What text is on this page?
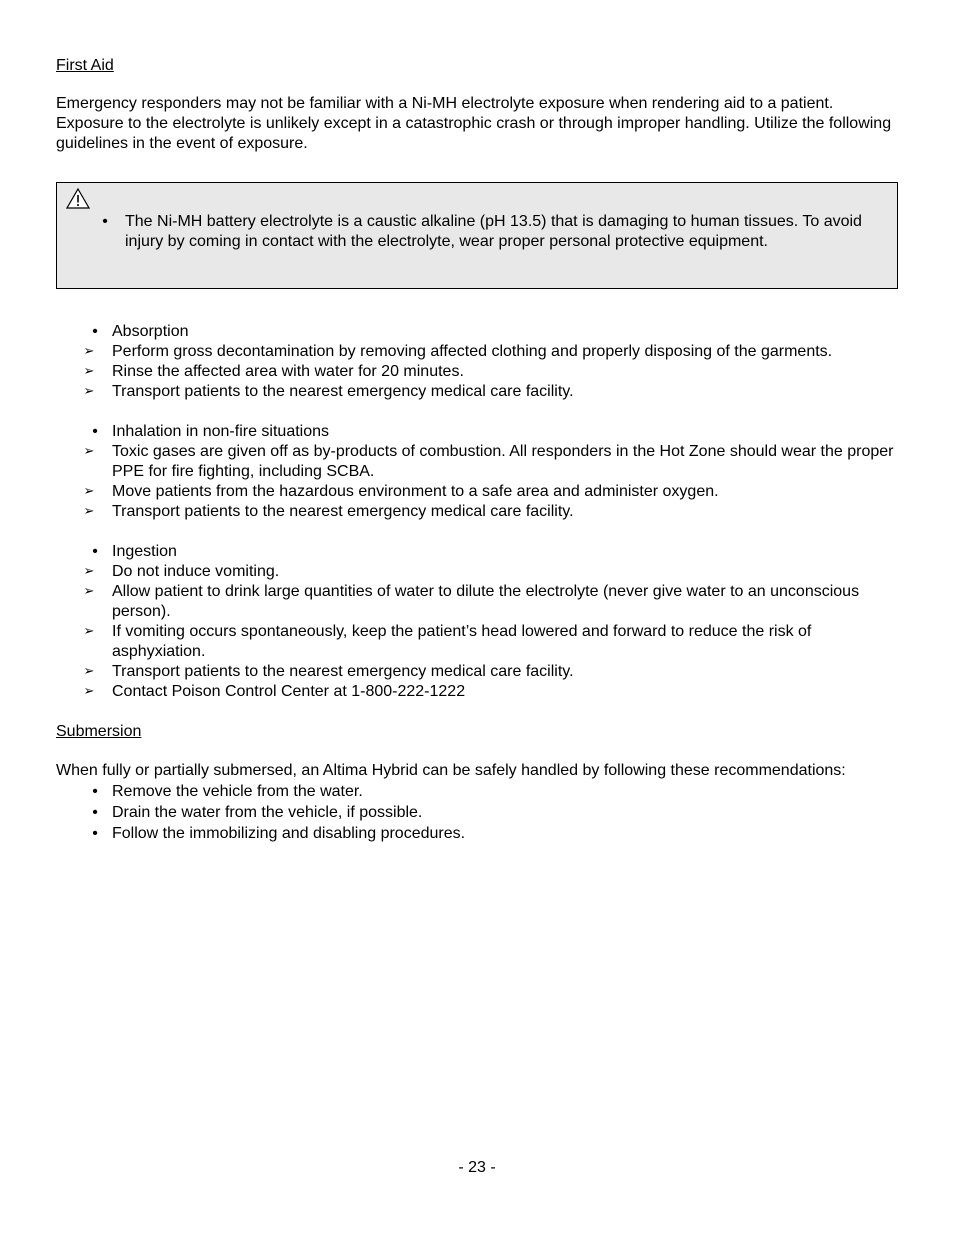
First Aid

Emergency responders may not be familiar with a Ni-MH electrolyte exposure when rendering aid to a patient. Exposure to the electrolyte is unlikely except in a catastrophic crash or through improper handling. Utilize the following guidelines in the event of exposure.

•	The Ni-MH battery electrolyte is a caustic alkaline (pH 13.5) that is damaging to human tissues. To avoid injury by coming in contact with the electrolyte, wear proper personal protective equipment.
• Absorption
➢ Perform gross decontamination by removing affected clothing and properly disposing of the garments.
➢ Rinse the affected area with water for 20 minutes.
➢ Transport patients to the nearest emergency medical care facility.
• Inhalation in non-fire situations
➢ Toxic gases are given off as by-products of combustion. All responders in the Hot Zone should wear the proper PPE for fire fighting, including SCBA.
➢ Move patients from the hazardous environment to a safe area and administer oxygen.
➢ Transport patients to the nearest emergency medical care facility.
• Ingestion
➢ Do not induce vomiting.
➢ Allow patient to drink large quantities of water to dilute the electrolyte (never give water to an unconscious person).
➢ If vomiting occurs spontaneously, keep the patient’s head lowered and forward to reduce the risk of asphyxiation.
➢ Transport patients to the nearest emergency medical care facility.
➢ Contact Poison Control Center at 1-800-222-1222

Submersion

When fully or partially submersed, an Altima Hybrid can be safely handled by following these recommendations:

• Remove the vehicle from the water.
• Drain the water from the vehicle, if possible.
• Follow the immobilizing and disabling procedures.
- 23 -
